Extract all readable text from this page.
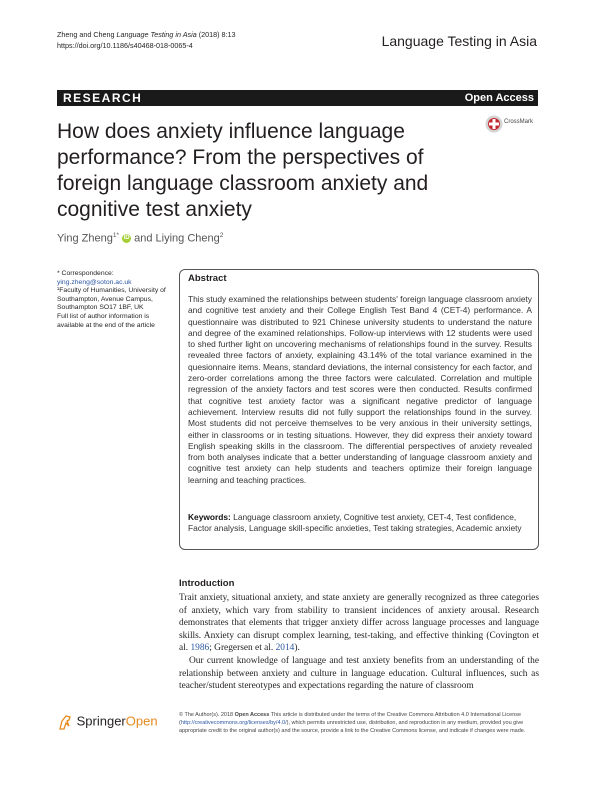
Zheng and Cheng Language Testing in Asia (2018) 8:13
https://doi.org/10.1186/s40468-018-0065-4	Language Testing in Asia
RESEARCH	Open Access
How does anxiety influence language performance? From the perspectives of foreign language classroom anxiety and cognitive test anxiety
CrossMark
Ying Zheng$^{1*}$ iD and Liying Cheng$^2$
* Correspondence:
ying.zheng@soton.ac.uk
¹Faculty of Humanities, University of Southampton, Avenue Campus, Southampton SO17 1BF, UK
Full list of author information is available at the end of the article
Abstract
This study examined the relationships between students' foreign language classroom anxiety and cognitive test anxiety and their College English Test Band 4 (CET-4) performance. A questionnaire was distributed to 921 Chinese university students to understand the nature and degree of the examined relationships. Follow-up interviews with 12 students were used to shed further light on uncovering mechanisms of relationships found in the survey. Results revealed three factors of anxiety, explaining 43.14% of the total variance examined in the quesionnaire items. Means, standard deviations, the internal consistency for each factor, and zero-order correlations among the three factors were calculated. Correlation and multiple regression of the anxiety factors and test scores were then conducted. Results confirmed that cognitive test anxiety factor was a significant negative predictor of language achievement. Interview results did not fully support the relationships found in the survey. Most students did not perceive themselves to be very anxious in their university settings, either in classrooms or in testing situations. However, they did express their anxiety toward English speaking skills in the classroom. The differential perspectives of anxiety revealed from both analyses indicate that a better understanding of language classroom anxiety and cognitive test anxiety can help students and teachers optimize their foreign language learning and teaching practices.
Keywords: Language classroom anxiety, Cognitive test anxiety, CET-4, Test confidence, Factor analysis, Language skill-specific anxieties, Test taking strategies, Academic anxiety
Introduction

Trait anxiety, situational anxiety, and state anxiety are generally recognized as three categories of anxiety, which vary from stability to transient incidences of anxiety arousal. Research demonstrates that elements that trigger anxiety differ across language processes and language skills. Anxiety can disrupt complex learning, test-taking, and effective thinking (Covington et al. 1986; Gregersen et al. 2014).

Our current knowledge of language and test anxiety benefits from an understanding of the relationship between anxiety and culture in language education. Cultural influences, such as teacher/student stereotypes and expectations regarding the nature of classroom

SpringerOpen	© The Author(s). 2018 Open Access This article is distributed under the terms of the Creative Commons Attribution 4.0 International License (http://creativecommons.org/licenses/by/4.0/), which permits unrestricted use, distribution, and reproduction in any medium, provided you give appropriate credit to the original author(s) and the source, provide a link to the Creative Commons license, and indicate if changes were made.
